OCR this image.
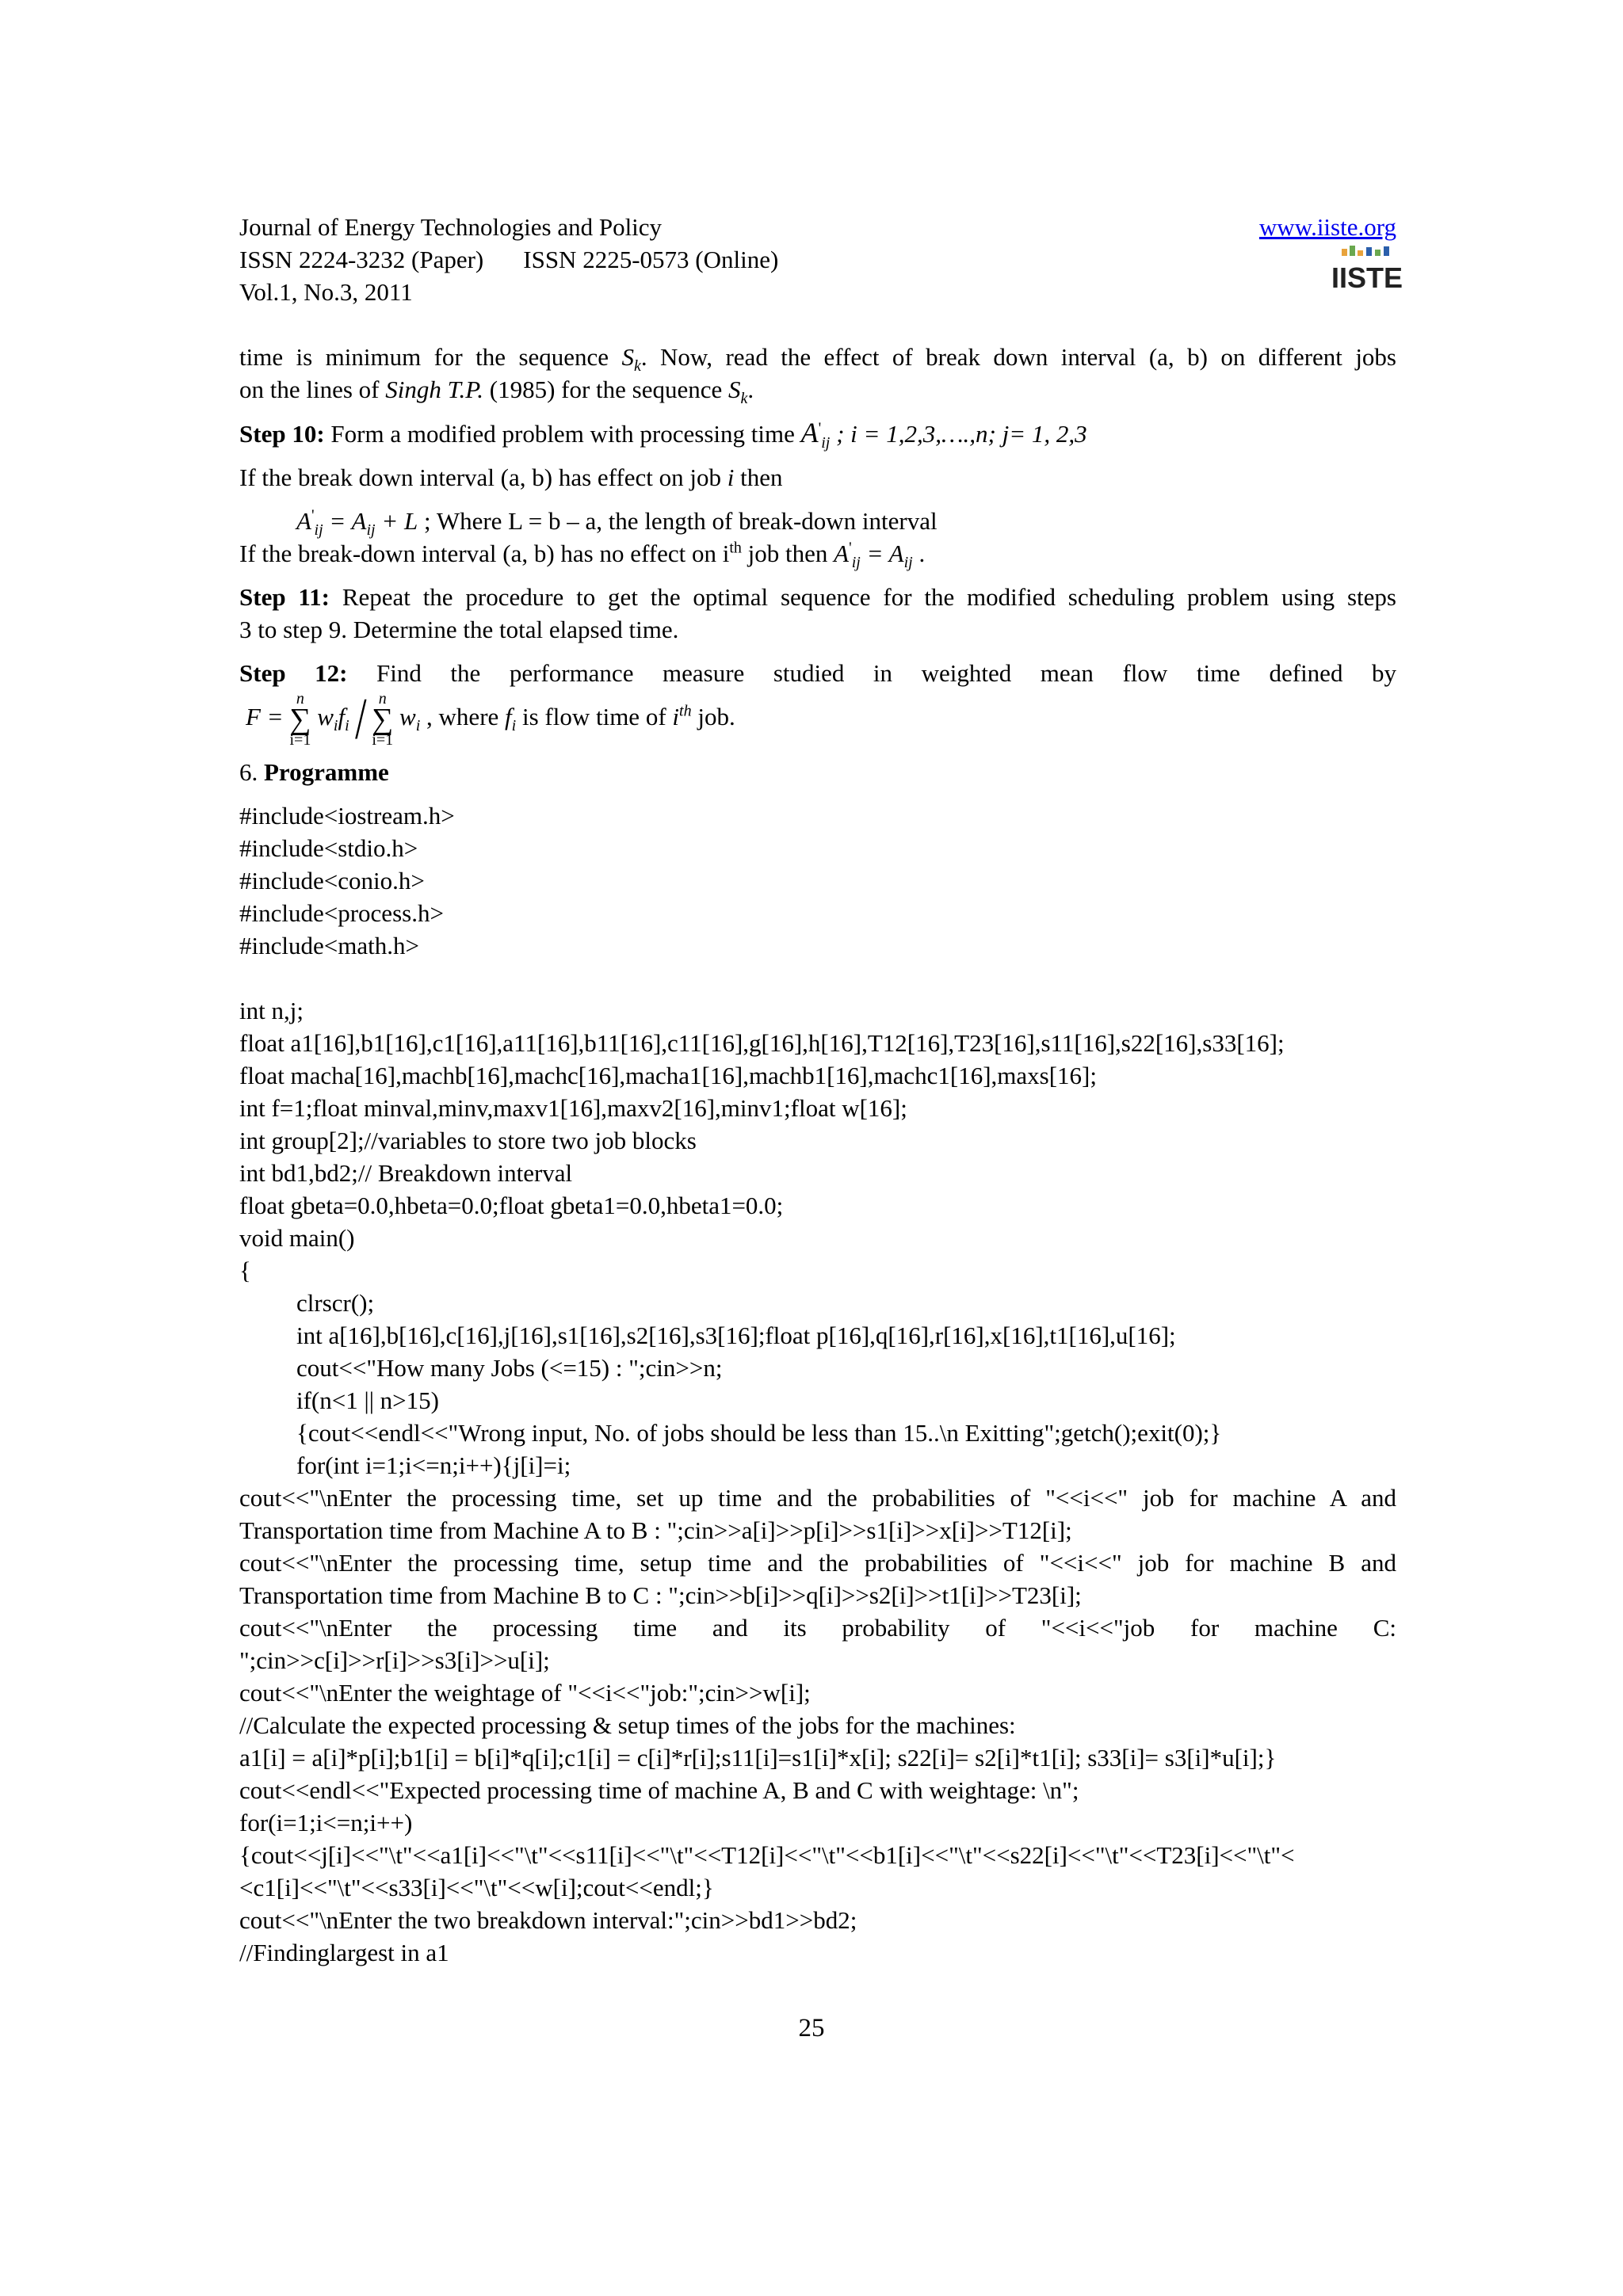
Journal of Energy Technologies and Policy
ISSN 2224-3232 (Paper) ISSN 2225-0573 (Online)
Vol.1, No.3, 2011
www.iiste.org
IISTE

time is minimum for the sequence $S_k$. Now, read the effect of break down interval (a, b) on different jobs

on the lines of Singh T.P. (1985) for the sequence $S_k$.

Step 10: Form a modified problem with processing time $A'_{ij}$ ; i = 1,2,3,….,n; j= 1, 2,3

If the break down interval (a, b) has effect on job i then

$A'_{ij} = A_{ij} + L$ ; Where L = b – a, the length of break-down interval

If the break-down interval (a, b) has no effect on $i^{th}$ job then $A'_{ij} = A_{ij}$ .

Step 11: Repeat the procedure to get the optimal sequence for the modified scheduling problem using steps

3 to step 9. Determine the total elapsed time.

Step 12: Find the performance measure studied in weighted mean flow time defined by

F =
n
∑
i=1
$w_if_i/$ n
∑
i=1
$w_i$ , where $f_i$ is flow time of $i^{th}$ job.

6. Programme

#include<iostream.h>

#include<stdio.h>

#include<conio.h>

#include<process.h>

#include<math.h>

int n,j;

float a1[16],b1[16],c1[16],a11[16],b11[16],c11[16],g[16],h[16],T12[16],T23[16],s11[16],s22[16],s33[16];

float macha[16],machb[16],machc[16],macha1[16],machb1[16],machc1[16],maxs[16];

int f=1;float minval,minv,maxv1[16],maxv2[16],minv1;float w[16];

int group[2];//variables to store two job blocks

int bd1,bd2;// Breakdown interval

float gbeta=0.0,hbeta=0.0;float gbeta1=0.0,hbeta1=0.0;

void main()

{

clrscr();

int a[16],b[16],c[16],j[16],s1[16],s2[16],s3[16];float p[16],q[16],r[16],x[16],t1[16],u[16];

cout<<"How many Jobs (<=15) : ";cin>>n;

if(n<1 || n>15)

{cout<<endl<<"Wrong input, No. of jobs should be less than 15..\n Exitting";getch();exit(0);}

for(int i=1;i<=n;i++){j[i]=i;

cout<<"\nEnter the processing time, set up time and the probabilities of "<<i<<" job for machine A and

Transportation time from Machine A to B : ";cin>>a[i]>>p[i]>>s1[i]>>x[i]>>T12[i];

cout<<"\nEnter the processing time, setup time and the probabilities of "<<i<<" job for machine B and

Transportation time from Machine B to C : ";cin>>b[i]>>q[i]>>s2[i]>>t1[i]>>T23[i];

cout<<"\nEnter the processing time and its probability of "<<i<<"job for machine C:

";cin>>c[i]>>r[i]>>s3[i]>>u[i];

cout<<"\nEnter the weightage of "<<i<<"job:";cin>>w[i];

//Calculate the expected processing & setup times of the jobs for the machines:

a1[i] = a[i]*p[i];b1[i] = b[i]*q[i];c1[i] = c[i]*r[i];s11[i]=s1[i]*x[i]; s22[i]= s2[i]*t1[i]; s33[i]= s3[i]*u[i];}

cout<<endl<<"Expected processing time of machine A, B and C with weightage: \n";

for(i=1;i<=n;i++)

{cout<<j[i]<<"\t"<<a1[i]<<"\t"<<s11[i]<<"\t"<<T12[i]<<"\t"<<b1[i]<<"\t"<<s22[i]<<"\t"<<T23[i]<<"\t"<

<c1[i]<<"\t"<<s33[i]<<"\t"<<w[i];cout<<endl;}

cout<<"\nEnter the two breakdown interval:";cin>>bd1>>bd2;

//Findinglargest in a1

25
